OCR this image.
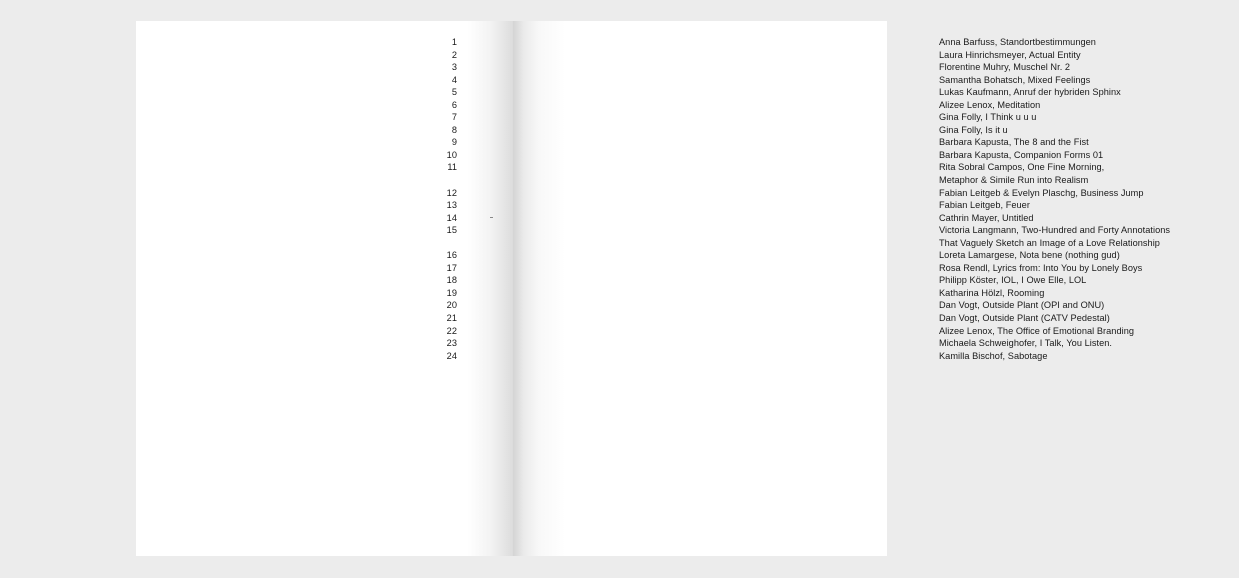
1
2
3
4
5
6
7
8
9
10
11
12
13
14
15
16
17
18
19
20
21
22
23
24
Anna Barfuss, Standortbestimmungen
Laura Hinrichsmeyer, Actual Entity
Florentine Muhry, Muschel Nr. 2
Samantha Bohatsch, Mixed Feelings
Lukas Kaufmann, Anruf der hybriden Sphinx
Alizee Lenox, Meditation
Gina Folly, I Think u u u
Gina Folly, Is it u
Barbara Kapusta, The 8 and the Fist
Barbara Kapusta, Companion Forms 01
Rita Sobral Campos, One Fine Morning,
Metaphor & Simile Run into Realism
Fabian Leitgeb & Evelyn Plaschg, Business Jump
Fabian Leitgeb, Feuer
Cathrin Mayer, Untitled
Victoria Langmann, Two-Hundred and Forty Annotations
That Vaguely Sketch an Image of a Love Relationship
Loreta Lamargese, Nota bene (nothing gud)
Rosa Rendl, Lyrics from: Into You by Lonely Boys
Philipp Köster, IOL, I Owe Elle, LOL
Katharina Hölzl, Rooming
Dan Vogt, Outside Plant (OPI and ONU)
Dan Vogt, Outside Plant (CATV Pedestal)
Alizee Lenox, The Office of Emotional Branding
Michaela Schweighofer, I Talk, You Listen.
Kamilla Bischof, Sabotage
